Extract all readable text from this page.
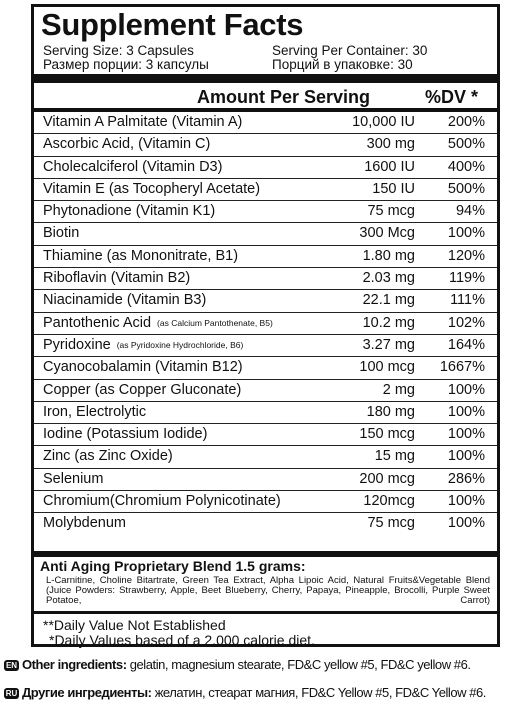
Supplement Facts
Serving Size: 3 Capsules	Serving Per Container: 30
Размер порции: 3 капсулы	Порций в упаковке: 30
Amount Per Serving	%DV *
Vitamin A Palmitate (Vitamin A)	10,000 IU 200%
Ascorbic Acid, (Vitamin C)	300 mg 500%
Cholecalciferol (Vitamin D3)	1600 IU 400%
Vitamin E (as Tocopheryl Acetate)	150 IU 500%
Phytonadione (Vitamin K1)	75 mcg	94%
Biotin	300 Mcg 100%
Thiamine (as Mononitrate, B1)	1.80 mg 120%
Riboflavin (Vitamin B2)	2.03 mg 119%
Niacinamide (Vitamin B3)	22.1 mg 111%
Pantothenic Acid (as Calcium Pantothenate, B5)	10.2 mg 102%
Pyridoxine (as Pyridoxine Hydrochloride, B6)	3.27 mg 164%
Cyanocobalamin (Vitamin B12)	100 mcg 1667%
Copper (as Copper Gluconate)	2 mg 100%
Iron, Electrolytic	180 mg 100%
Iodine (Potassium Iodide)	150 mcg 100%
Zinc (as Zinc Oxide)	15 mg 100%
Selenium	200 mcg 286%
Chromium(Chromium Polynicotinate)	120mcg 100%
Molybdenum	75 mcg 100%
Anti Aging Proprietary Blend 1.5 grams:
L-Carnitine, Choline Bitartrate, Green Tea Extract, Alpha Lipoic Acid, Natural Fruits&Vegetable Blend (Juice Powders: Strawberry, Apple, Beet Blueberry, Cherry, Papaya, Pineapple, Brocolli, Purple Sweet Potatoe, Carrot)
**Daily Value Not Established
*Daily Values based of a 2,000 calorie diet.
EN Other ingredients: gelatin, magnesium stearate, FD&C yellow #5, FD&C yellow #6.
RU Другие ингредиенты: желатин, стеарат магния, FD&C Yellow #5, FD&C Yellow #6.
